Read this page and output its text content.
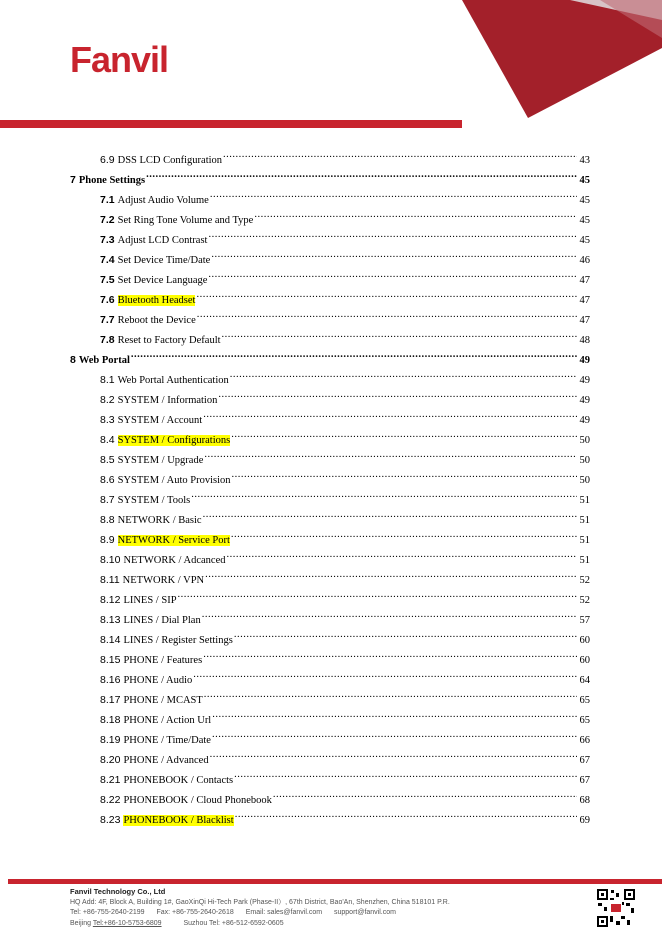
Fanvil
6.9 DSS LCD Configuration .....	43
7 Phone Settings .....	45
7.1 Adjust Audio Volume .....	45
7.2 Set Ring Tone Volume and Type .....	45
7.3 Adjust LCD Contrast .....	45
7.4 Set Device Time/Date .....	46
7.5 Set Device Language .....	47
7.6 Bluetooth Headset .....	47
7.7 Reboot the Device .....	47
7.8 Reset to Factory Default .....	48
8 Web Portal .....	49
8.1 Web Portal Authentication .....	49
8.2 SYSTEM / Information .....	49
8.3 SYSTEM / Account .....	49
8.4 SYSTEM / Configurations .....	50
8.5 SYSTEM / Upgrade .....	50
8.6 SYSTEM / Auto Provision .....	50
8.7 SYSTEM / Tools .....	51
8.8 NETWORK / Basic .....	51
8.9 NETWORK / Service Port .....	51
8.10 NETWORK / Adcanced .....	51
8.11 NETWORK / VPN .....	52
8.12 LINES / SIP .....	52
8.13 LINES / Dial Plan .....	57
8.14 LINES / Register Settings .....	60
8.15 PHONE / Features .....	60
8.16 PHONE / Audio .....	64
8.17 PHONE / MCAST .....	65
8.18 PHONE / Action Url .....	65
8.19 PHONE / Time/Date .....	66
8.20 PHONE / Advanced .....	67
8.21 PHONEBOOK / Contacts .....	67
8.22 PHONEBOOK / Cloud Phonebook .....	68
8.23 PHONEBOOK / Blacklist .....	69
Fanvil Technology Co., Ltd
HQ Add: 4F, Block A, Building 1#, GaoXinQi Hi-Tech Park (Phase-II）, 67th District, Bao'An, Shenzhen, China 518101 P.R.
Tel: +86-755-2640-2199 Fax: +86-755-2640-2618 Email: sales@fanvil.com support@fanvil.com
Beijing Tel:+86-10-5753-6809	Suzhou Tel: +86-512-6592-0605
